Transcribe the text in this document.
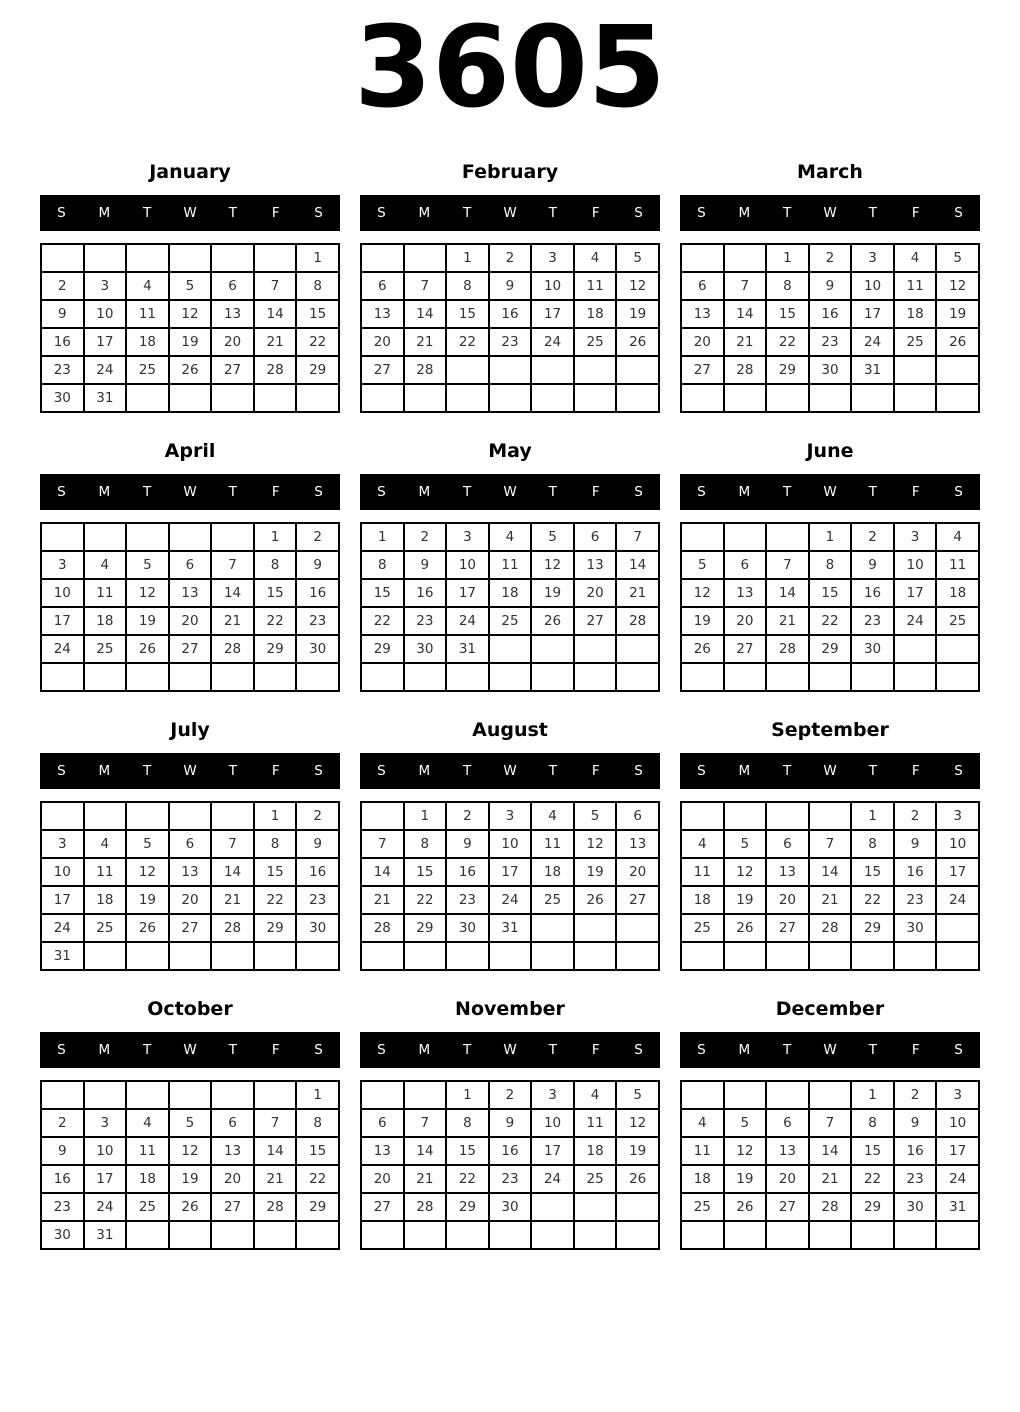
3605
January
S	M	T	W	T	F	S
						1
2	3	4	5	6	7	8
9	10	11	12	13	14	15
16	17	18	19	20	21	22
23	24	25	26	27	28	29
30	31					
February
S	M	T	W	T	F	S
		1	2	3	4	5
6	7	8	9	10	11	12
13	14	15	16	17	18	19
20	21	22	23	24	25	26
27	28					

March
S	M	T	W	T	F	S
		1	2	3	4	5
6	7	8	9	10	11	12
13	14	15	16	17	18	19
20	21	22	23	24	25	26
27	28	29	30	31		

April
S	M	T	W	T	F	S
					1	2
3	4	5	6	7	8	9
10	11	12	13	14	15	16
17	18	19	20	21	22	23
24	25	26	27	28	29	30

May
S	M	T	W	T	F	S
1	2	3	4	5	6	7
8	9	10	11	12	13	14
15	16	17	18	19	20	21
22	23	24	25	26	27	28
29	30	31				

June
S	M	T	W	T	F	S
			1	2	3	4
5	6	7	8	9	10	11
12	13	14	15	16	17	18
19	20	21	22	23	24	25
26	27	28	29	30		

July
S	M	T	W	T	F	S
					1	2
3	4	5	6	7	8	9
10	11	12	13	14	15	16
17	18	19	20	21	22	23
24	25	26	27	28	29	30
31						
August
S	M	T	W	T	F	S
	1	2	3	4	5	6
7	8	9	10	11	12	13
14	15	16	17	18	19	20
21	22	23	24	25	26	27
28	29	30	31			

September
S	M	T	W	T	F	S
				1	2	3
4	5	6	7	8	9	10
11	12	13	14	15	16	17
18	19	20	21	22	23	24
25	26	27	28	29	30	

October
S	M	T	W	T	F	S
						1
2	3	4	5	6	7	8
9	10	11	12	13	14	15
16	17	18	19	20	21	22
23	24	25	26	27	28	29
30	31					
November
S	M	T	W	T	F	S
		1	2	3	4	5
6	7	8	9	10	11	12
13	14	15	16	17	18	19
20	21	22	23	24	25	26
27	28	29	30			

December
S	M	T	W	T	F	S
				1	2	3
4	5	6	7	8	9	10
11	12	13	14	15	16	17
18	19	20	21	22	23	24
25	26	27	28	29	30	31
